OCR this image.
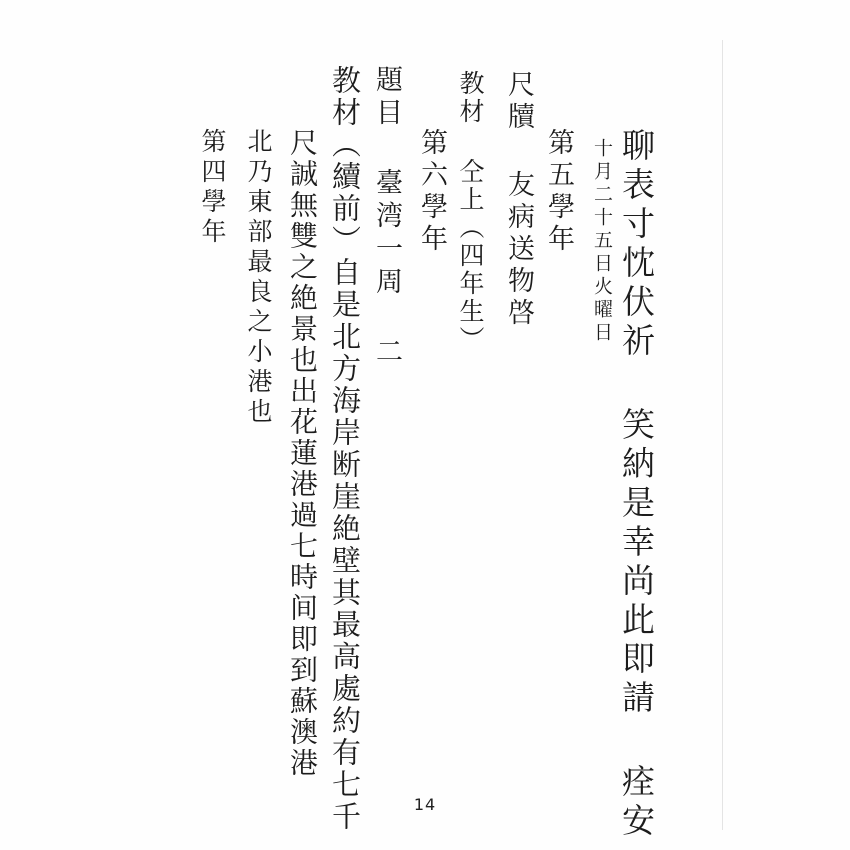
聊表寸忱伏祈 笑納是幸尚此即請 痊安
十月二十五日火曜日
第五學年
尺牘 友病送物啓
教材 仝上（四年生）
第六學年
題目 臺湾一周 二
教材（續前）自是北方海岸断崖絶壁其最高處約有七千
尺誠無雙之絶景也出花蓮港過七時间即到蘇澳港
北乃東部最良之小港也
第四學年
14
